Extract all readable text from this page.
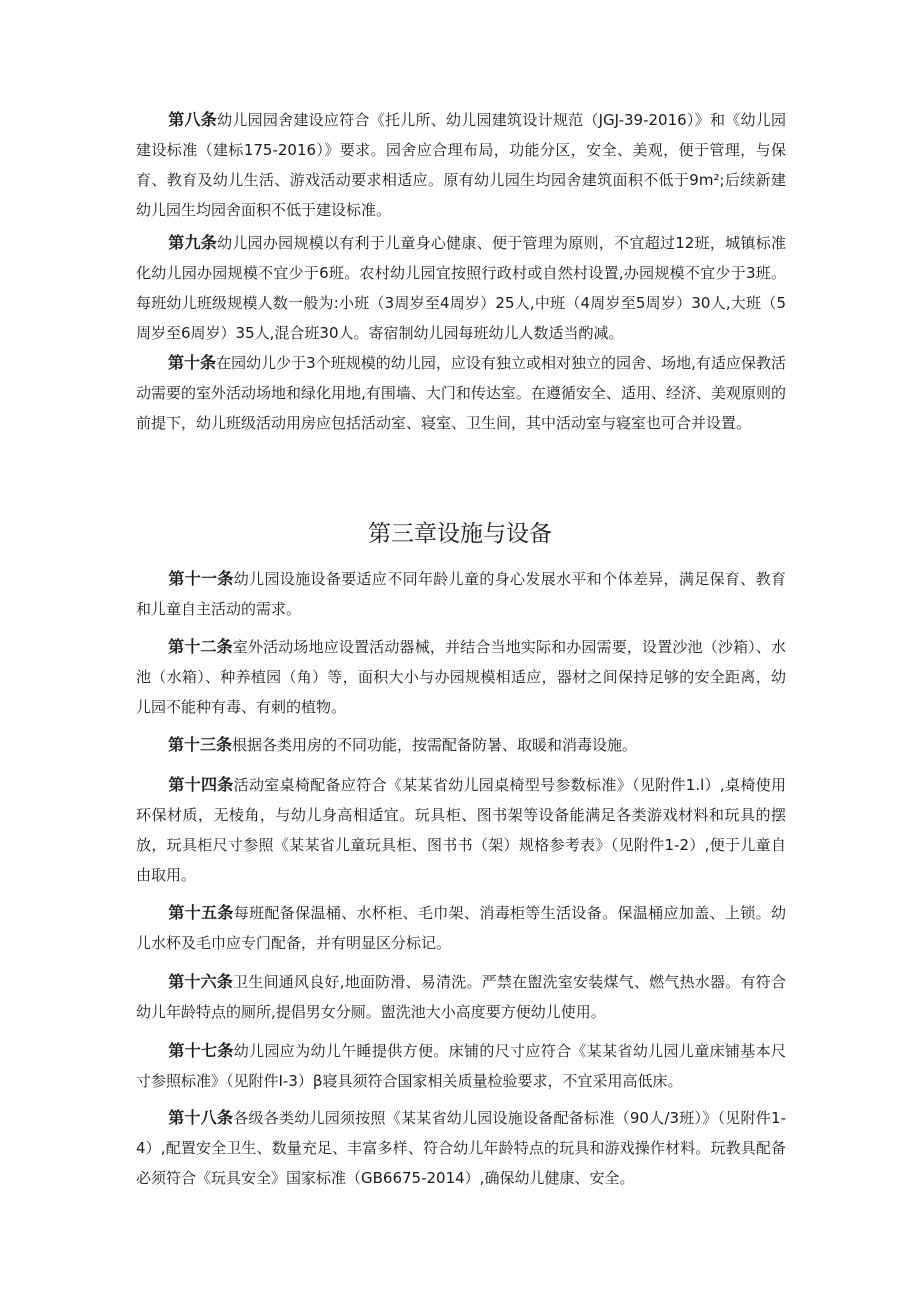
第八条幼儿园园舍建设应符合《托儿所、幼儿园建筑设计规范（JGJ-39-2016）》和《幼儿园建设标准（建标175-2016）》要求。园舍应合理布局，功能分区，安全、美观，便于管理，与保育、教育及幼儿生活、游戏活动要求相适应。原有幼儿园生均园舍建筑面积不低于9m²;后续新建幼儿园生均园舍面积不低于建设标准。

第九条幼儿园办园规模以有利于儿童身心健康、便于管理为原则，不宜超过12班，城镇标准化幼儿园办园规模不宜少于6班。农村幼儿园宜按照行政村或自然村设置,办园规模不宜少于3班。每班幼儿班级规模人数一般为:小班（3周岁至4周岁）25人,中班（4周岁至5周岁）30人,大班（5周岁至6周岁）35人,混合班30人。寄宿制幼儿园每班幼儿人数适当酌减。

第十条在园幼儿少于3个班规模的幼儿园，应设有独立或相对独立的园舍、场地,有适应保教活动需要的室外活动场地和绿化用地,有围墙、大门和传达室。在遵循安全、适用、经济、美观原则的前提下，幼儿班级活动用房应包括活动室、寝室、卫生间，其中活动室与寝室也可合并设置。

第三章设施与设备

第十一条幼儿园设施设备要适应不同年龄儿童的身心发展水平和个体差异，满足保育、教育和儿童自主活动的需求。

第十二条室外活动场地应设置活动器械，并结合当地实际和办园需要，设置沙池（沙箱）、水池（水箱）、种养植园（角）等，面积大小与办园规模相适应，器材之间保持足够的安全距离，幼儿园不能种有毒、有刺的植物。

第十三条根据各类用房的不同功能，按需配备防暑、取暖和消毒设施。

第十四条活动室桌椅配备应符合《某某省幼儿园桌椅型号参数标准》（见附件1.l）,桌椅使用环保材质，无棱角，与幼儿身高相适宜。玩具柜、图书架等设备能满足各类游戏材料和玩具的摆放，玩具柜尺寸参照《某某省儿童玩具柜、图书书（架）规格参考表》（见附件1-2）,便于儿童自由取用。

第十五条每班配备保温桶、水杯柜、毛巾架、消毒柜等生活设备。保温桶应加盖、上锁。幼儿水杯及毛巾应专门配备，并有明显区分标记。

第十六条卫生间通风良好,地面防滑、易清洗。严禁在盥洗室安装煤气、燃气热水器。有符合幼儿年龄特点的厕所,提倡男女分厕。盥洗池大小高度要方便幼儿使用。

第十七条幼儿园应为幼儿午睡提供方便。床铺的尺寸应符合《某某省幼儿园儿童床铺基本尺寸参照标准》（见附件I-3）β寝具须符合国家相关质量检验要求，不宜采用高低床。

第十八条各级各类幼儿园须按照《某某省幼儿园设施设备配备标准（90人/3班）》（见附件1-4）,配置安全卫生、数量充足、丰富多样、符合幼儿年龄特点的玩具和游戏操作材料。玩教具配备必须符合《玩具安全》国家标准（GB6675-2014）,确保幼儿健康、安全。
